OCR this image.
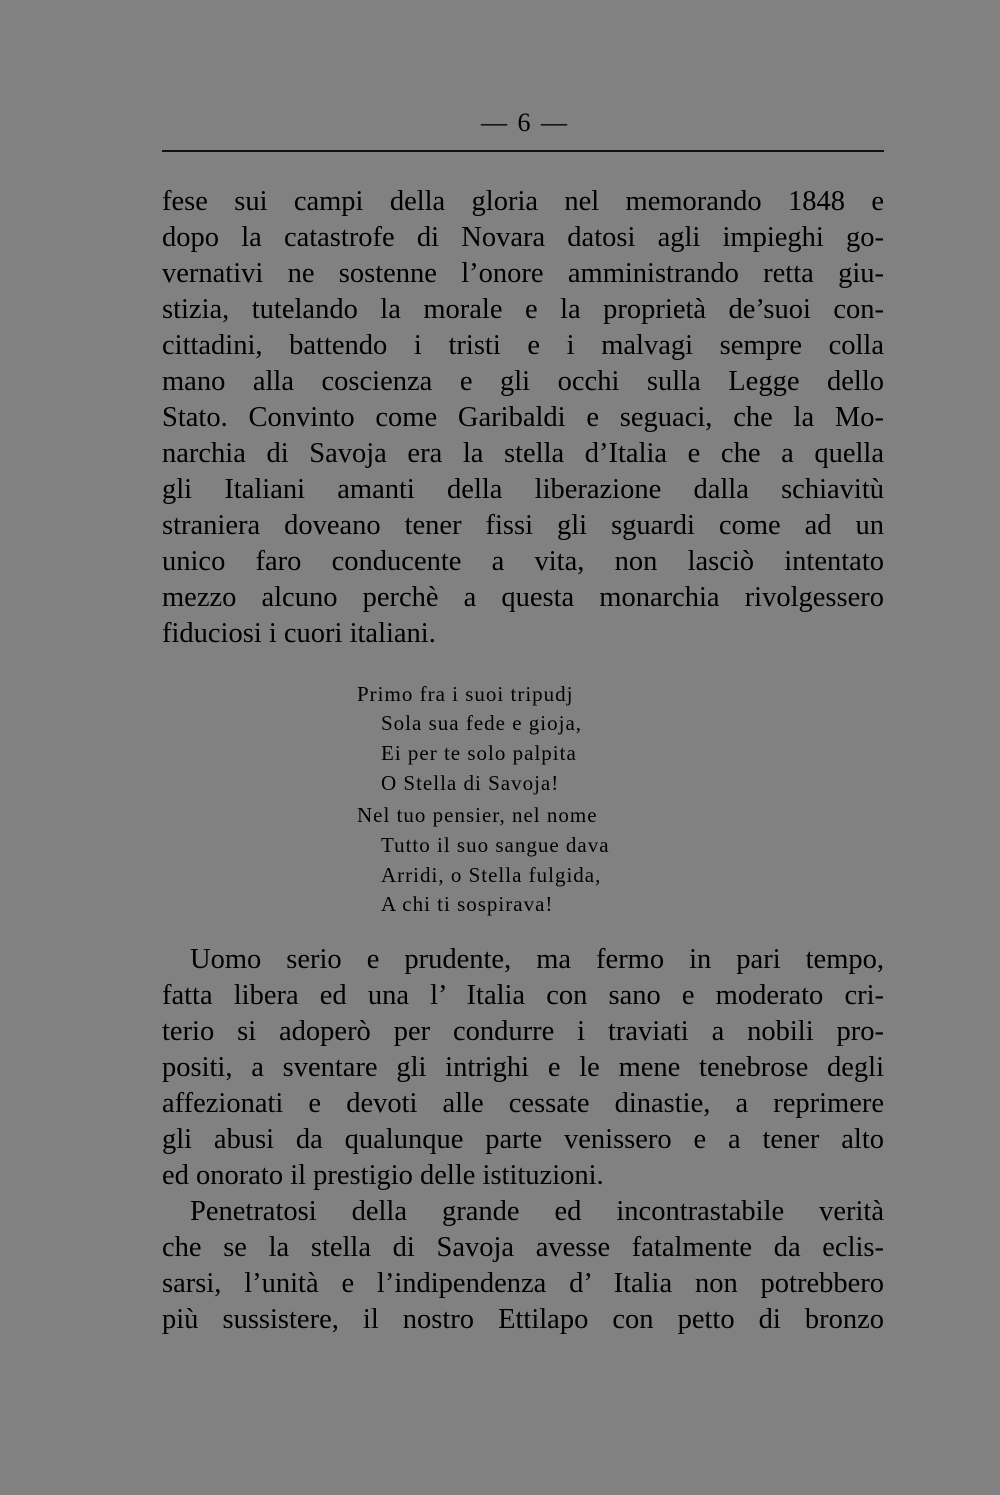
— 6 —
fese sui campi della gloria nel memorando 1848 e
dopo la catastrofe di Novara datosi agli impieghi go-
vernativi ne sostenne l’onore amministrando retta giu-
stizia, tutelando la morale e la proprietà de’suoi con-
cittadini, battendo i tristi e i malvagi sempre colla
mano alla coscienza e gli occhi sulla Legge dello
Stato. Convinto come Garibaldi e seguaci, che la Mo-
narchia di Savoja era la stella d’Italia e che a quella
gli Italiani amanti della liberazione dalla schiavitù
straniera doveano tener fissi gli sguardi come ad un
unico faro conducente a vita, non lasciò intentato
mezzo alcuno perchè a questa monarchia rivolgessero
fiduciosi i cuori italiani.
Primo fra i suoi tripudj
Sola sua fede e gioja,
Ei per te solo palpita
O Stella di Savoja!
Nel tuo pensier, nel nome
Tutto il suo sangue dava
Arridi, o Stella fulgida,
A chi ti sospirava!
Uomo serio e prudente, ma fermo in pari tempo,
fatta libera ed una l’ Italia con sano e moderato cri-
terio si adoperò per condurre i traviati a nobili pro-
positi, a sventare gli intrighi e le mene tenebrose degli
affezionati e devoti alle cessate dinastie, a reprimere
gli abusi da qualunque parte venissero e a tener alto
ed onorato il prestigio delle istituzioni.
Penetratosi della grande ed incontrastabile verità
che se la stella di Savoja avesse fatalmente da eclis-
sarsi, l’unità e l’indipendenza d’ Italia non potrebbero
più sussistere, il nostro Ettilapo con petto di bronzo
